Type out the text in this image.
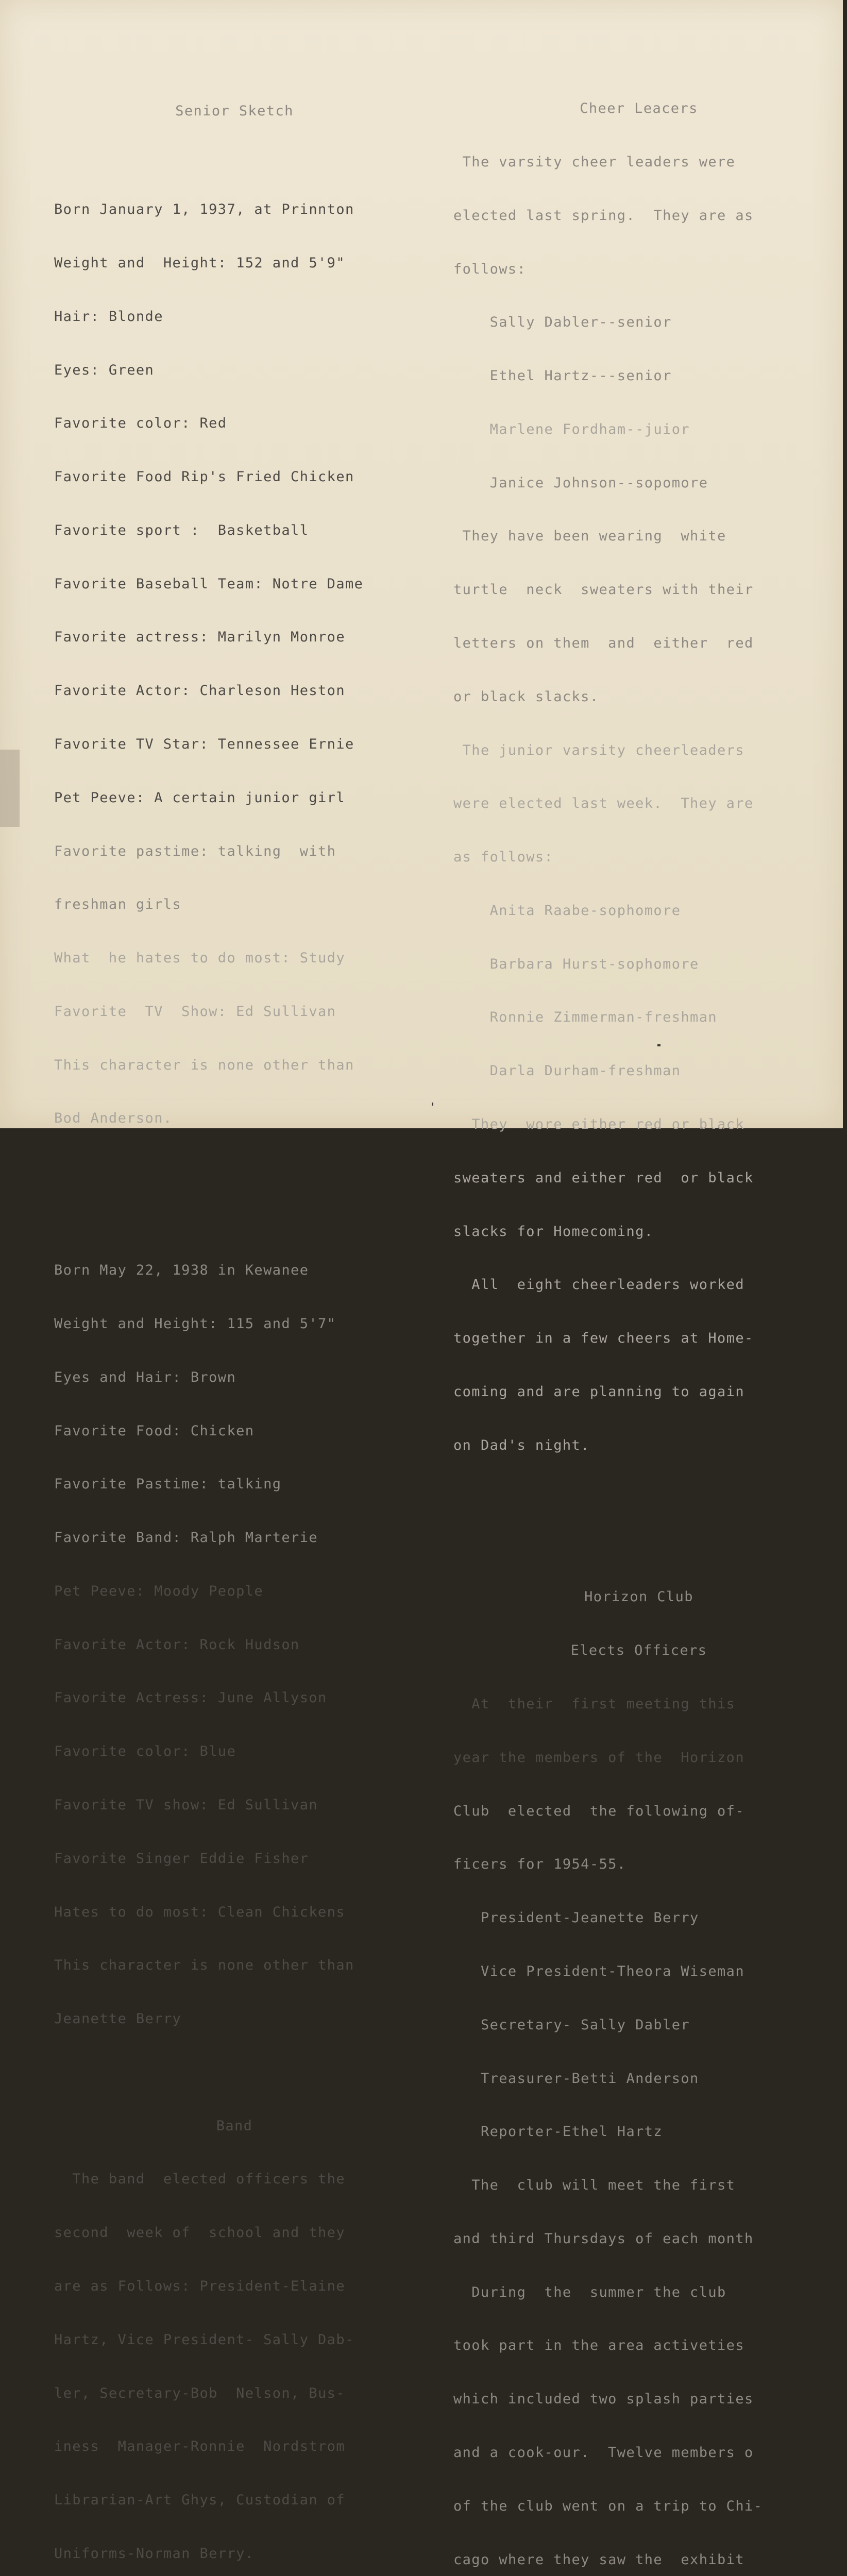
Senior Sketch

Born January 1, 1937, at Prinnton

Weight and  Height: 152 and 5'9"

Hair: Blonde

Eyes: Green

Favorite color: Red

Favorite Food Rip's Fried Chicken

Favorite sport :  Basketball

Favorite Baseball Team: Notre Dame

Favorite actress: Marilyn Monroe

Favorite Actor: Charleson Heston

Favorite TV Star: Tennessee Ernie

Pet Peeve: A certain junior girl

Favorite pastime: talking  with

freshman girls

What  he hates to do most: Study

Favorite  TV  Show: Ed Sullivan

This character is none other than

Bod Anderson.

Born May 22, 1938 in Kewanee

Weight and Height: 115 and 5'7"

Eyes and Hair: Brown

Favorite Food: Chicken

Favorite Pastime: talking

Favorite Band: Ralph Marterie

Pet Peeve: Moody People

Favorite Actor: Rock Hudson

Favorite Actress: June Allyson

Favorite color: Blue

Favorite TV show: Ed Sullivan

Favorite Singer Eddie Fisher

Hates to do most: Clean Chickens

This character is none other than

Jeanette Berry

Band

The band  elected officers the

second  week of  school and they

are as Follows: President-Elaine

Hartz, Vice President- Sally Dab-

ler, Secretary-Bob  Nelson, Bus-

iness  Manager-Ronnie  Nordstrom

Librarian-Art Ghys, Custodian of

Uniforms-Norman Berry.

Cheer Leacers

The varsity cheer leaders were

elected last spring.  They are as

follows:

Sally Dabler--senior

Ethel Hartz---senior

Marlene Fordham--juior

Janice Johnson--sopomore

They have been wearing  white

turtle  neck  sweaters with their

letters on them  and  either  red

or black slacks.

The junior varsity cheerleaders

were elected last week.  They are

as follows:

Anita Raabe-sophomore

Barbara Hurst-sophomore

Ronnie Zimmerman-freshman

Darla Durham-freshman

They  wore either red or black

sweaters and either red  or black

slacks for Homecoming.

All  eight cheerleaders worked

together in a few cheers at Home-

coming and are planning to again

on Dad's night.

Horizon Club

Elects Officers

At  their  first meeting this

year the members of the  Horizon

Club  elected  the following of-

ficers for 1954-55.

President-Jeanette Berry

Vice President-Theora Wiseman

Secretary- Sally Dabler

Treasurer-Betti Anderson

Reporter-Ethel Hartz

The  club will meet the first

and third Thursdays of each month

During  the  summer the club

took part in the area activeties

which included two splash parties

and a cook-our.  Twelve members o

of the club went on a trip to Chi-

cago where they saw the  exhibit
